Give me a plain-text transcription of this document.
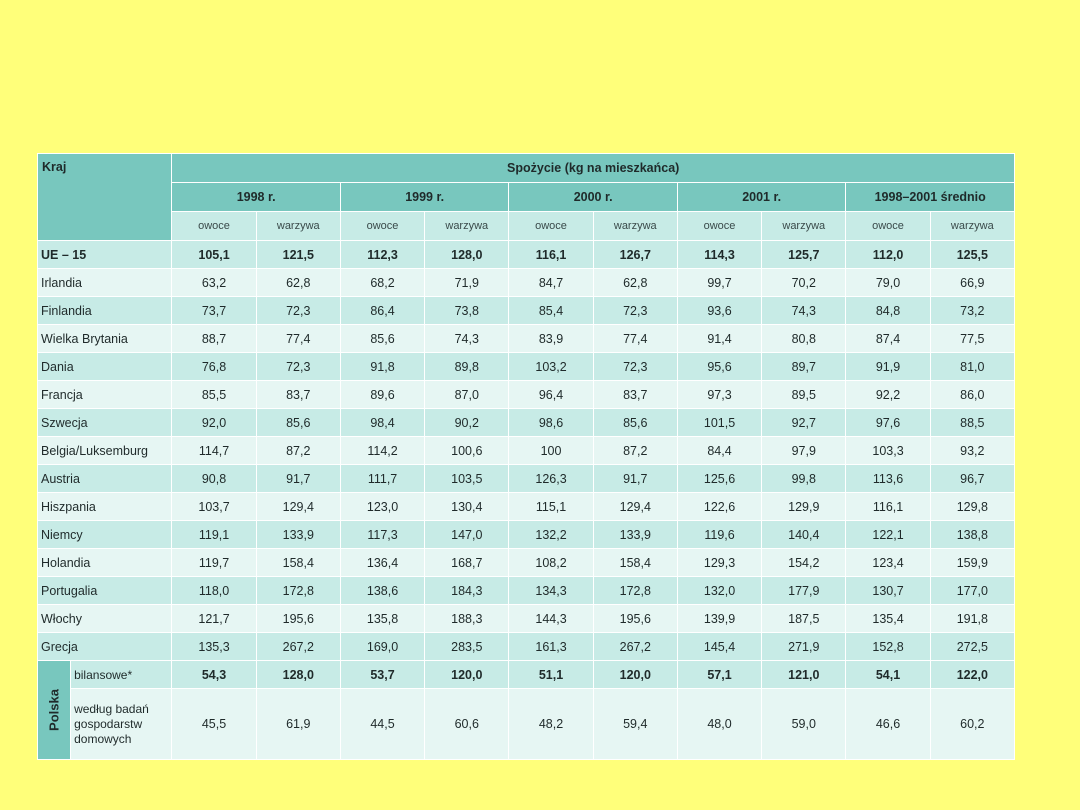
Kraj		Spożycie (kg na mieszkańca)									
		1998 r.		1999 r.		2000 r.		2001 r.		1998–2001 średnio	
		owoce	warzywa	owoce	warzywa	owoce	warzywa	owoce	warzywa	owoce	warzywa
UE – 15		105,1	121,5	112,3	128,0	116,1	126,7	114,3	125,7	112,0	125,5
Irlandia		63,2	62,8	68,2	71,9	84,7	62,8	99,7	70,2	79,0	66,9
Finlandia		73,7	72,3	86,4	73,8	85,4	72,3	93,6	74,3	84,8	73,2
Wielka Brytania		88,7	77,4	85,6	74,3	83,9	77,4	91,4	80,8	87,4	77,5
Dania		76,8	72,3	91,8	89,8	103,2	72,3	95,6	89,7	91,9	81,0
Francja		85,5	83,7	89,6	87,0	96,4	83,7	97,3	89,5	92,2	86,0
Szwecja		92,0	85,6	98,4	90,2	98,6	85,6	101,5	92,7	97,6	88,5
Belgia/Luksemburg		114,7	87,2	114,2	100,6	100	87,2	84,4	97,9	103,3	93,2
Austria		90,8	91,7	111,7	103,5	126,3	91,7	125,6	99,8	113,6	96,7
Hiszpania		103,7	129,4	123,0	130,4	115,1	129,4	122,6	129,9	116,1	129,8
Niemcy		119,1	133,9	117,3	147,0	132,2	133,9	119,6	140,4	122,1	138,8
Holandia		119,7	158,4	136,4	168,7	108,2	158,4	129,3	154,2	123,4	159,9
Portugalia		118,0	172,8	138,6	184,3	134,3	172,8	132,0	177,9	130,7	177,0
Włochy		121,7	195,6	135,8	188,3	144,3	195,6	139,9	187,5	135,4	191,8
Grecja		135,3	267,2	169,0	283,5	161,3	267,2	145,4	271,9	152,8	272,5

Polska	bilansowe*	54,3	128,0	53,7	120,0	51,1	120,0	57,1	121,0	54,1	122,0
	według badań
gospodarstw
domowych	45,5	61,9	44,5	60,6	48,2	59,4	48,0	59,0	46,6	60,2
